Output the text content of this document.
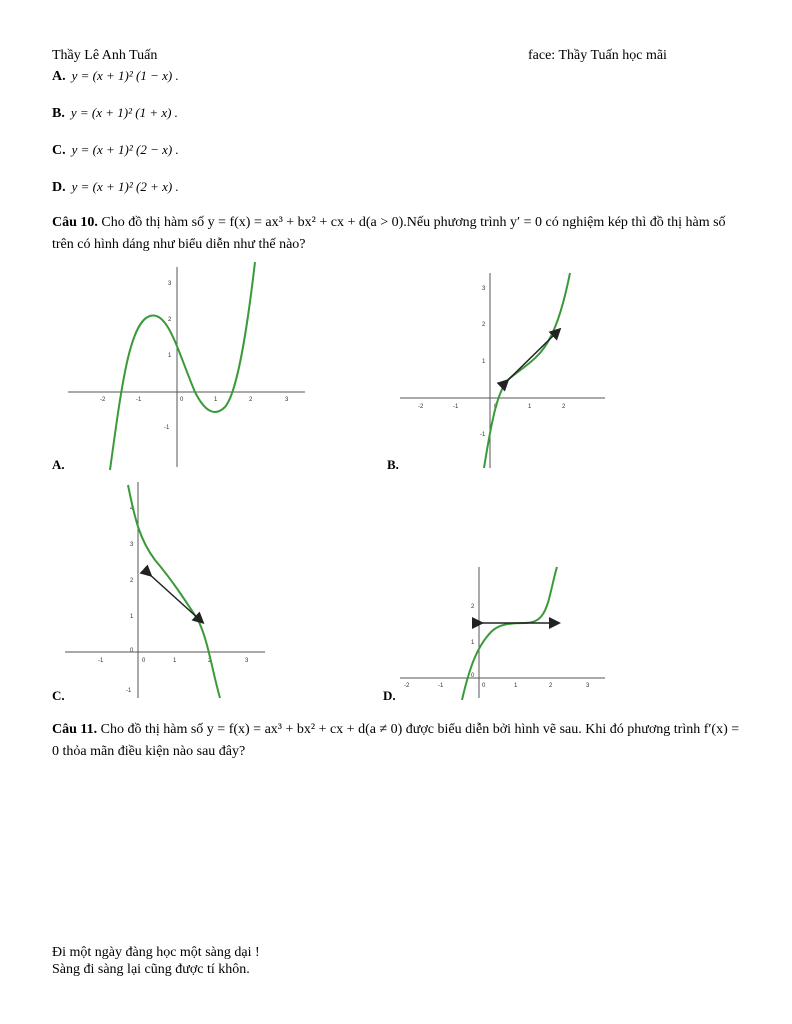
Thầy Lê Anh Tuấn	face: Thầy Tuấn học mãi
A. y = (x + 1)² (1 − x) .
B. y = (x + 1)² (1 + x) .
C. y = (x + 1)² (2 − x) .
D. y = (x + 1)² (2 + x) .
Câu 10. Cho đồ thị hàm số y = f(x) = ax³ + bx² + cx + d(a > 0).Nếu phương trình y′ = 0 có nghiệm kép thì đồ thị hàm số trên có hình dáng như biểu diễn như thế nào?
-2	-1	0	1	2	3
3
2
1
-1
A.
-2	-1	0	1	2
3
2
1
-1
B.
-1	0	1	2	3
4
3
2
1
0
-1
C.
-2	-1	0	1	2	3
2
1
0
D.
Câu 11. Cho đồ thị hàm số y = f(x) = ax³ + bx² + cx + d(a ≠ 0) được biểu diễn bởi hình vẽ sau. Khi đó phương trình f′(x) = 0 thỏa mãn điều kiện nào sau đây?
Đi một ngày đàng học một sàng dại !
Sàng đi sàng lại cũng được tí khôn.
